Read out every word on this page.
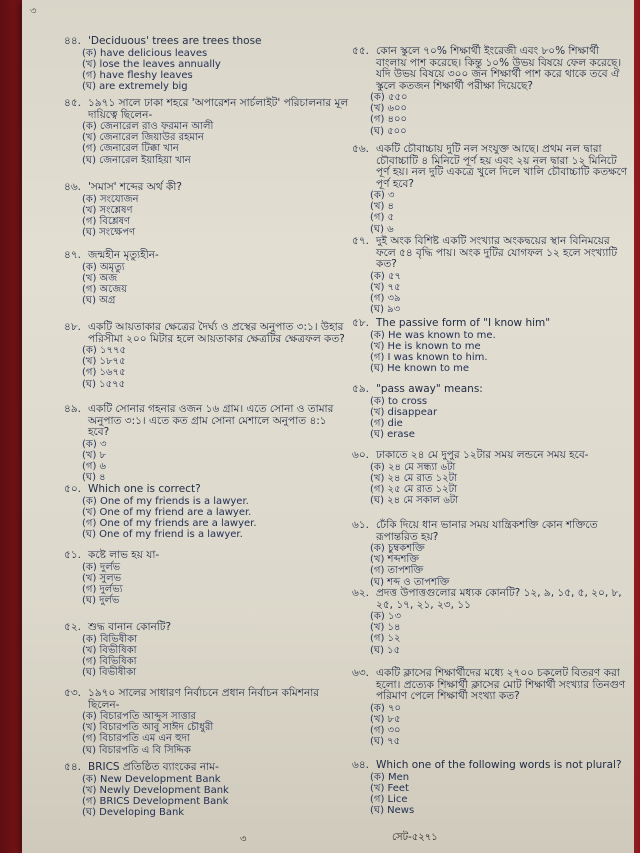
৩
৪৪. 'Deciduous' trees are trees those
(ক) have delicious leaves
(খ) lose the leaves annually
(গ) have fleshy leaves
(ঘ) are extremely big
৪৫. ১৯৭১ সালে ঢাকা শহরে 'অপারেশন সার্চলাইট' পরিচালনার মূল দায়িত্বে ছিলেন-
(ক) জেনারেল রাও ফরমান আলী
(খ) জেনারেল জিয়াউর রহমান
(গ) জেনারেল টিক্কা খান
(ঘ) জেনারেল ইয়াহিয়া খান
৪৬. 'সমাস' শব্দের অর্থ কী?
(ক) সংযোজন
(খ) সংশ্লেষণ
(গ) বিশ্লেষণ
(ঘ) সংক্ষেপণ
৪৭. জন্মহীন মৃত্যুহীন-
(ক) অমৃত্যু
(খ) অজ
(গ) অজেয়
(ঘ) অগ্র
৪৮. একটি আয়তাকার ক্ষেত্রের দৈর্ঘ্য ও প্রস্থের অনুপাত ৩:১। উহার পরিসীমা ২০০ মিটার হলে আয়তাকার ক্ষেত্রটির ক্ষেত্রফল কত?
(ক) ১৭৭৫
(খ) ১৮৭৫
(গ) ১৬৭৫
(ঘ) ১৫৭৫
৪৯. একটি সোনার গহনার ওজন ১৬ গ্রাম। এতে সোনা ও তামার অনুপাত ৩:১। এতে কত গ্রাম সোনা মেশালে অনুপাত ৪:১ হবে?
(ক) ৩
(খ) ৮
(গ) ৬
(ঘ) ৪
৫০. Which one is correct?
(ক) One of my friends is a lawyer.
(খ) One of my friend are a lawyer.
(গ) One of my friends are a lawyer.
(ঘ) One of my friend is a lawyer.
৫১. কষ্টে লাভ হয় যা-
(ক) দুর্লভ
(খ) সুলভ
(গ) দুর্লভ্য
(ঘ) দুর্লভ
৫২. শুদ্ধ বানান কোনটি?
(ক) বিভিষীকা
(খ) বিভীষিকা
(গ) বিভিষিকা
(ঘ) বিভীষীকা
৫৩. ১৯৭০ সালের সাধারণ নির্বাচনে প্রধান নির্বাচন কমিশনার ছিলেন-
(ক) বিচারপতি আব্দুস সাত্তার
(খ) বিচারপতি আবু সাঈদ চৌধুরী
(গ) বিচারপতি এম এন হুদা
(ঘ) বিচারপতি এ বি সিদ্দিক
৫৪. BRICS প্রতিষ্ঠিত ব্যাংকের নাম-
(ক) New Development Bank
(খ) Newly Development Bank
(গ) BRICS Development Bank
(ঘ) Developing Bank
৫৫. কোন স্কুলে ৭০% শিক্ষার্থী ইংরেজী এবং ৮০% শিক্ষার্থী বাংলায় পাশ করেছে। কিন্তু ১০% উভয় বিষয়ে ফেল করেছে। যদি উভয় বিষয়ে ৩০০ জন শিক্ষার্থী পাশ করে থাকে তবে ঐ স্কুলে কতজন শিক্ষার্থী পরীক্ষা দিয়েছে?
(ক) ৫৫০
(খ) ৬০০
(গ) ৪০০
(ঘ) ৫০০
৫৬. একটি চৌবাচ্চায় দুটি নল সংযুক্ত আছে। প্রথম নল দ্বারা চৌবাচ্চাটি ৪ মিনিটে পূর্ণ হয় এবং ২য় নল দ্বারা ১২ মিনিটে পূর্ণ হয়। নল দুটি একত্রে খুলে দিলে খালি চৌবাচ্চাটি কতক্ষণে পূর্ণ হবে?
(ক) ৩
(খ) ৪
(গ) ৫
(ঘ) ৬
৫৭. দুই অংক বিশিষ্ট একটি সংখ্যার অংকদ্বয়ের স্থান বিনিময়ের ফলে ৫৪ বৃদ্ধি পায়। অংক দুটির যোগফল ১২ হলে সংখ্যাটি কত?
(ক) ৫৭
(খ) ৭৫
(গ) ৩৯
(ঘ) ৯৩
৫৮. The passive form of "I know him"
(ক) He was known to me.
(খ) He is known to me
(গ) I was known to him.
(ঘ) He known to me
৫৯. "pass away" means:
(ক) to cross
(খ) disappear
(গ) die
(ঘ) erase
৬০. ঢাকাতে ২৪ মে দুপুর ১২টার সময় লন্ডনে সময় হবে-
(ক) ২৪ মে সন্ধ্যা ৬টা
(খ) ২৪ মে রাত ১২টা
(গ) ২৫ মে রাত ১২টা
(ঘ) ২৪ মে সকাল ৬টা
৬১. ঢেঁকি দিয়ে ধান ভানার সময় যান্ত্রিকশক্তি কোন শক্তিতে রূপান্তরিত হয়?
(ক) চুম্বকশক্তি
(খ) শব্দশক্তি
(গ) তাপশক্তি
(ঘ) শব্দ ও তাপশক্তি
৬২. প্রদত্ত উপাত্তগুলোর মধ্যক কোনটি? ১২, ৯, ১৫, ৫, ২০, ৮, ২৫, ১৭, ২১, ২৩, ১১
(ক) ১৩
(খ) ১৪
(গ) ১২
(ঘ) ১৫
৬৩. একটি ক্লাসের শিক্ষার্থীদের মধ্যে ২৭০০ চকলেট বিতরণ করা হলো। প্রত্যেক শিক্ষার্থী ক্লাসের মোট শিক্ষার্থী সংখ্যার তিনগুণ পরিমাণ পেলে শিক্ষার্থী সংখ্যা কত?
(ক) ৭০
(খ) ৮৫
(গ) ৩০
(ঘ) ৭৫
৬৪. Which one of the following words is not plural?
(ক) Men
(খ) Feet
(গ) Lice
(ঘ) News
৩	সেট-৫২৭১
